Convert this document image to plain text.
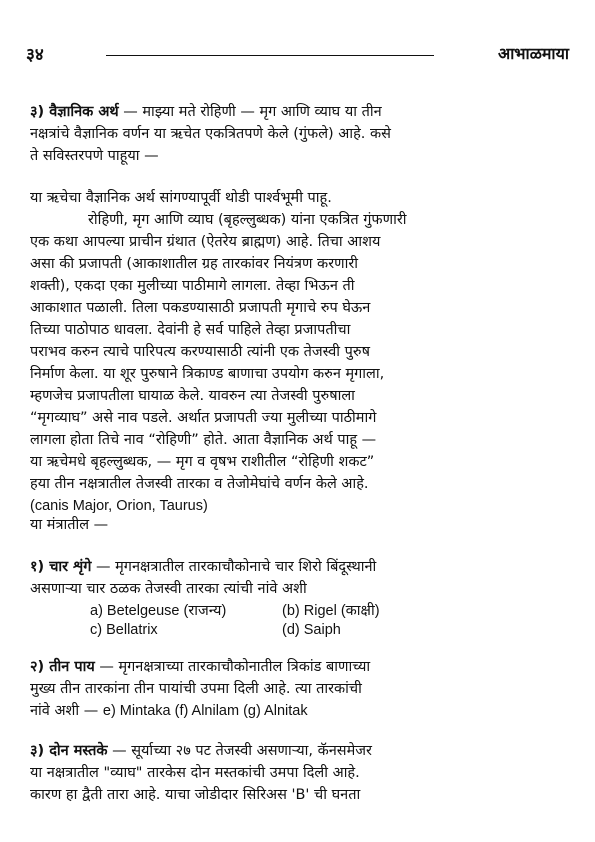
३४	आभाळमाया
३) वैज्ञानिक अर्थ — माझ्या मते रोहिणी — मृग आणि व्याघ या तीन
नक्षत्रांचे वैज्ञानिक वर्णन या ऋचेत एकत्रितपणे केले (गुंफले) आहे. कसे
ते सविस्तरपणे पाहूया —
या ऋचेचा वैज्ञानिक अर्थ सांगण्यापूर्वी थोडी पार्श्वभूमी पाहू.
रोहिणी, मृग आणि व्याघ (बृहल्लुब्धक) यांना एकत्रित गुंफणारी
एक कथा आपल्या प्राचीन ग्रंथात (ऐतरेय ब्राह्मण) आहे. तिचा आशय
असा की प्रजापती (आकाशातील ग्रह तारकांवर नियंत्रण करणारी
शक्ती), एकदा एका मुलीच्या पाठीमागे लागला. तेव्हा भिऊन ती
आकाशात पळाली. तिला पकडण्यासाठी प्रजापती मृगाचे रुप घेऊन
तिच्या पाठोपाठ धावला. देवांनी हे सर्व पाहिले तेव्हा प्रजापतीचा
पराभव करुन त्याचे पारिपत्य करण्यासाठी त्यांनी एक तेजस्वी पुरुष
निर्माण केला. या शूर पुरुषाने त्रिकाण्ड बाणाचा उपयोग करुन मृगाला,
म्हणजेच प्रजापतीला घायाळ केले. यावरुन त्या तेजस्वी पुरुषाला
“मृगव्याघ” असे नाव पडले. अर्थात प्रजापती ज्या मुलीच्या पाठीमागे
लागला होता तिचे नाव “रोहिणी” होते. आता वैज्ञानिक अर्थ पाहू —
या ऋचेमधे बृहल्लुब्धक, — मृग व वृषभ राशीतील “रोहिणी शकट”
हया तीन नक्षत्रातील तेजस्वी तारका व तेजोमेघांचे वर्णन केले आहे.
(canis Major, Orion, Taurus)
या मंत्रातील —
१) चार शृंगे — मृगनक्षत्रातील तारकाचौकोनाचे चार शिरो बिंदूस्थानी
असणाऱ्या चार ठळक तेजस्वी तारका त्यांची नांवे अशी
a) Betelgeuse (राजन्य)	(b) Rigel (काक्षी)
c) Bellatrix	(d) Saiph
२) तीन पाय — मृगनक्षत्राच्या तारकाचौकोनातील त्रिकांड बाणाच्या
मुख्य तीन तारकांना तीन पायांची उपमा दिली आहे. त्या तारकांची
नांवे अशी — e) Mintaka (f) Alnilam (g) Alnitak
३) दोन मस्तके — सूर्याच्या २७ पट तेजस्वी असणाऱ्या, कॅनसमेजर
या नक्षत्रातील "व्याघ" तारकेस दोन मस्तकांची उमपा दिली आहे.
कारण हा द्वैती तारा आहे. याचा जोडीदार सिरिअस 'B' ची घनता
